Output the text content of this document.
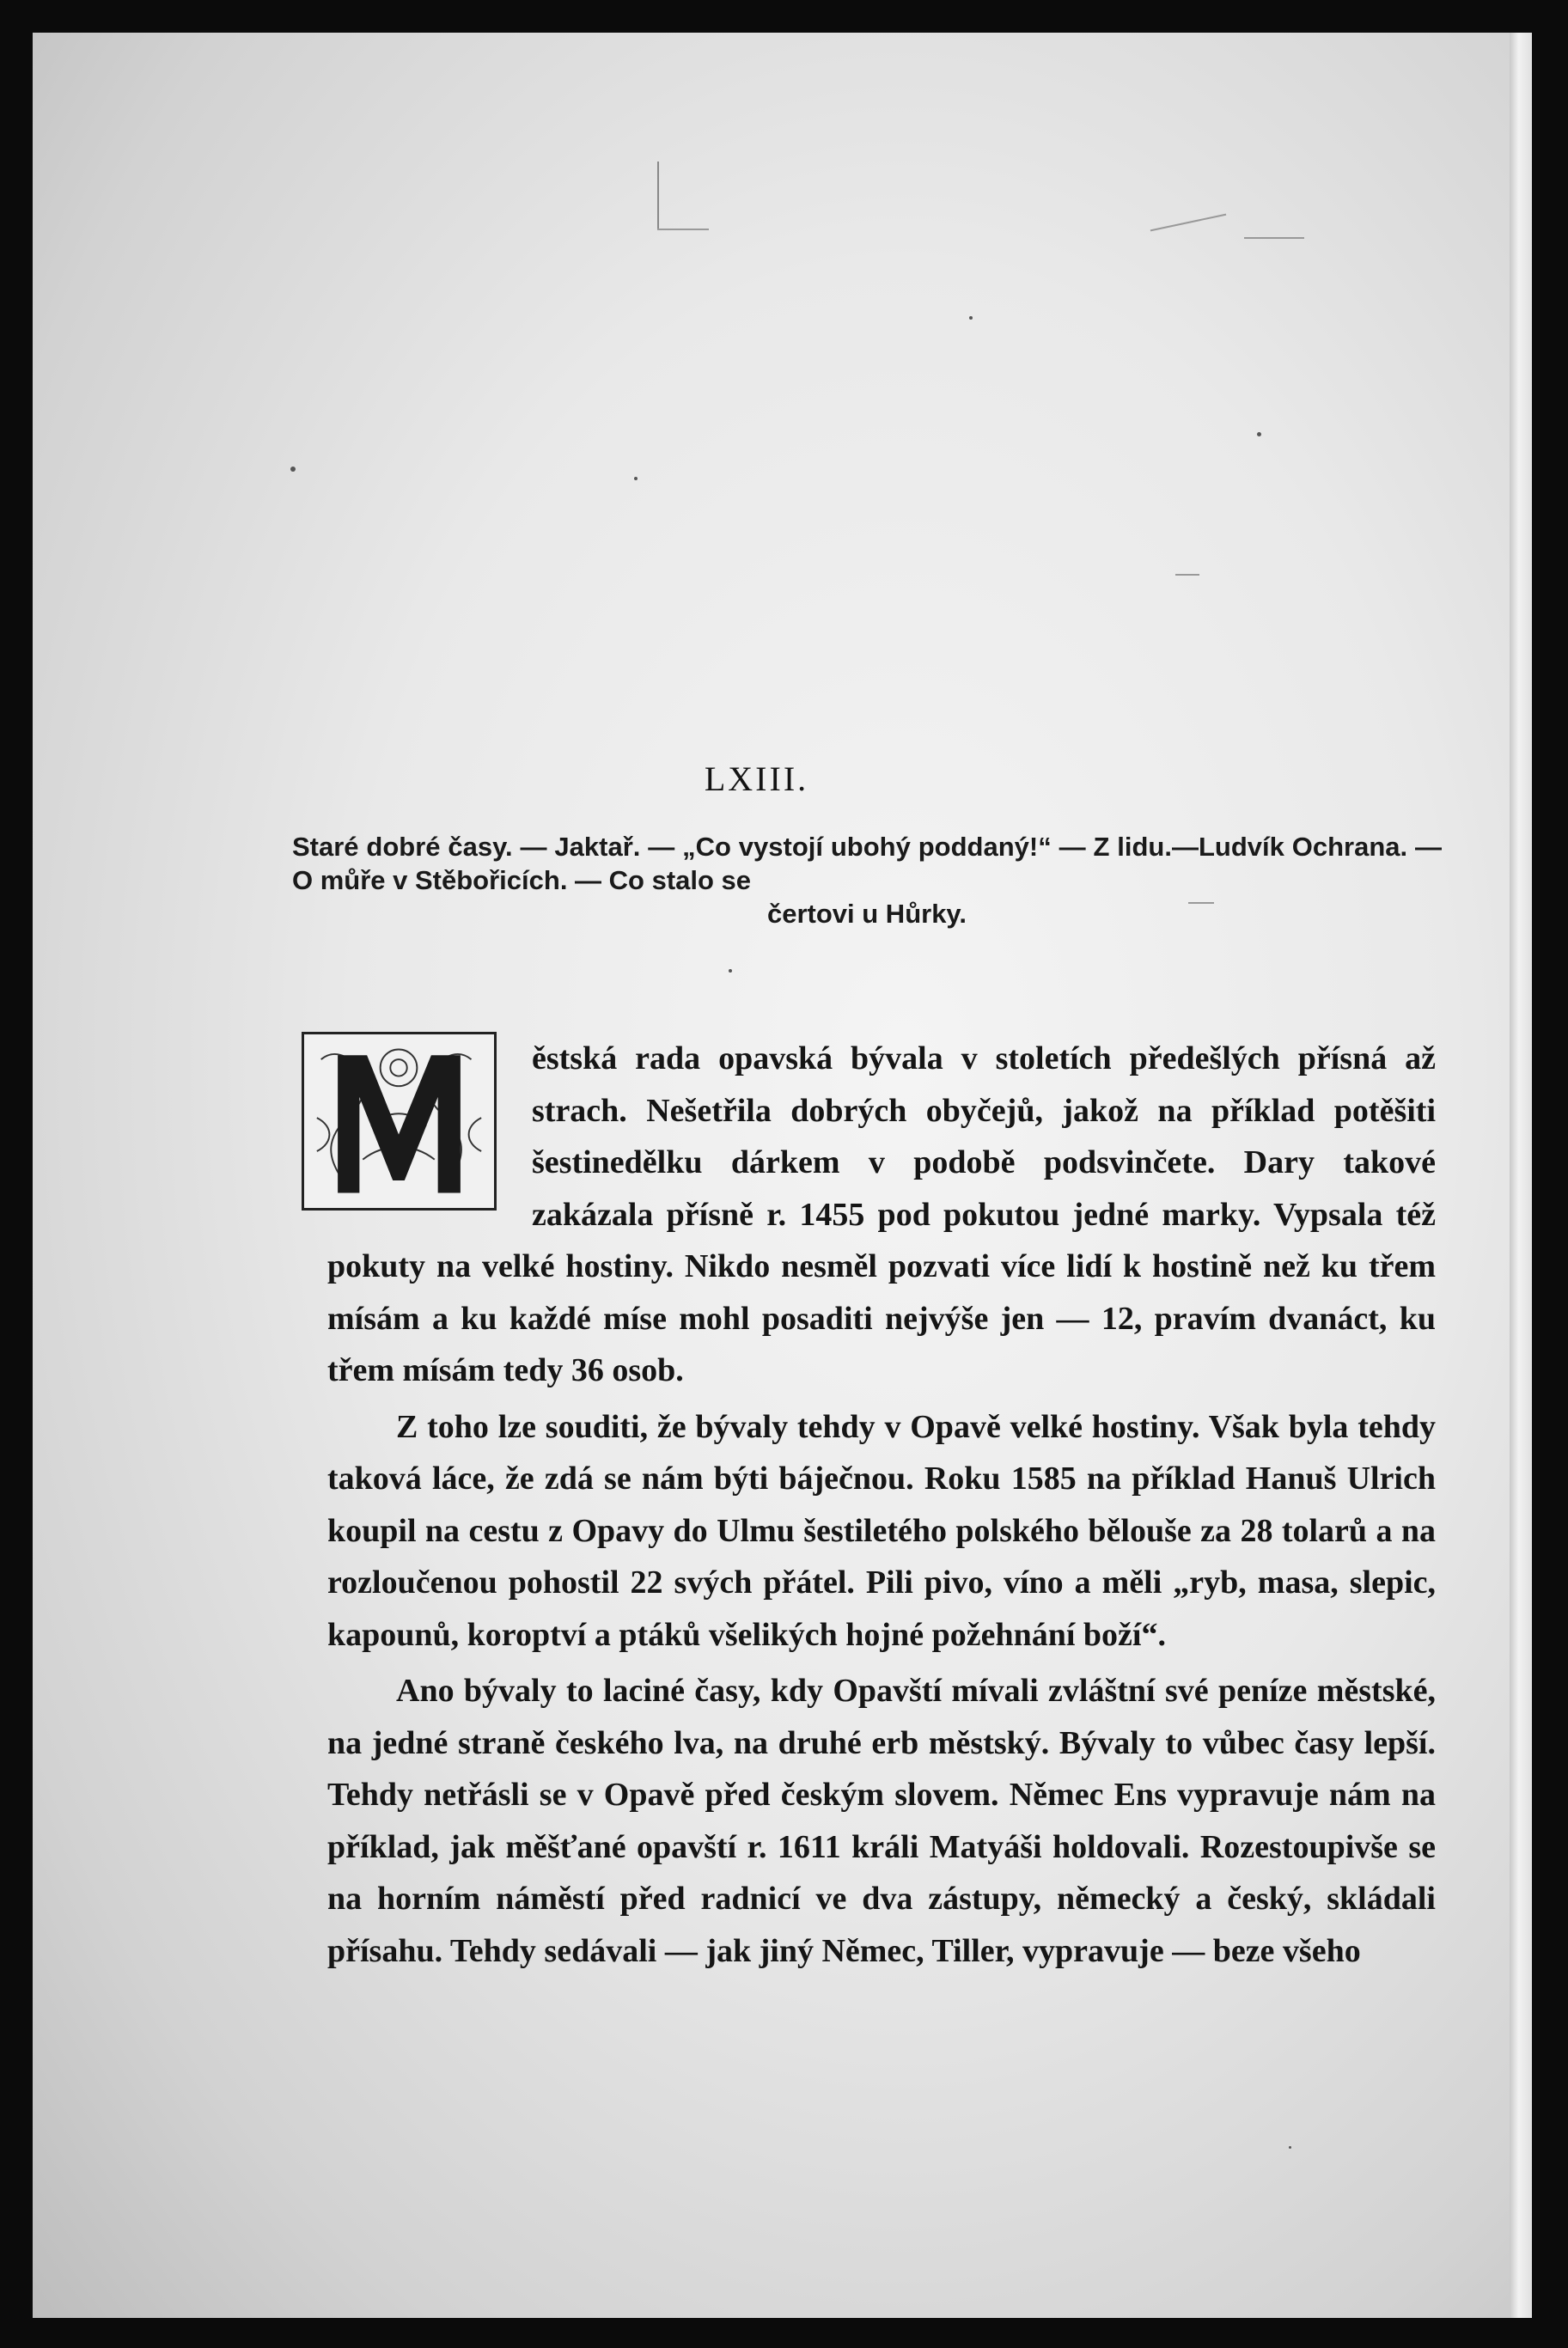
LXIII.
Staré dobré časy. — Jaktař. — „Co vystojí ubohý poddaný!“ — Z lidu.—Ludvík Ochrana. — O můře v Stěbořicích. — Co stalo se
čertovi u Hůrky.
M

ěstská rada opavská bývala v stoletích předešlých přísná až strach. Nešetřila dobrých obyčejů, jakož na příklad potěšiti šestinedělku dárkem v podobě podsvinčete. Dary takové zakázala přísně r. 1455 pod pokutou jedné marky. Vypsala též pokuty na velké hostiny. Nikdo nesměl pozvati více lidí k hostině než ku třem mísám a ku každé míse mohl posaditi nejvýše jen — 12, pravím dvanáct, ku třem mísám tedy 36 osob.

Z toho lze souditi, že bývaly tehdy v Opavě velké hostiny. Však byla tehdy taková láce, že zdá se nám býti báječnou. Roku 1585 na příklad Hanuš Ulrich koupil na cestu z Opavy do Ulmu šestiletého polského bělouše za 28 tolarů a na rozloučenou pohostil 22 svých přátel. Pili pivo, víno a měli „ryb, masa, slepic, kapounů, koroptví a ptáků všelikých hojné požehnání boží“.

Ano bývaly to laciné časy, kdy Opavští mívali zvláštní své peníze městské, na jedné straně českého lva, na druhé erb městský. Bývaly to vůbec časy lepší. Tehdy netřásli se v Opavě před českým slovem. Němec Ens vypravuje nám na příklad, jak měšťané opavští r. 1611 králi Matyáši holdovali. Rozestoupivše se na horním náměstí před radnicí ve dva zástupy, německý a český, skládali přísahu. Tehdy sedávali — jak jiný Němec, Tiller, vypravuje — beze všeho
